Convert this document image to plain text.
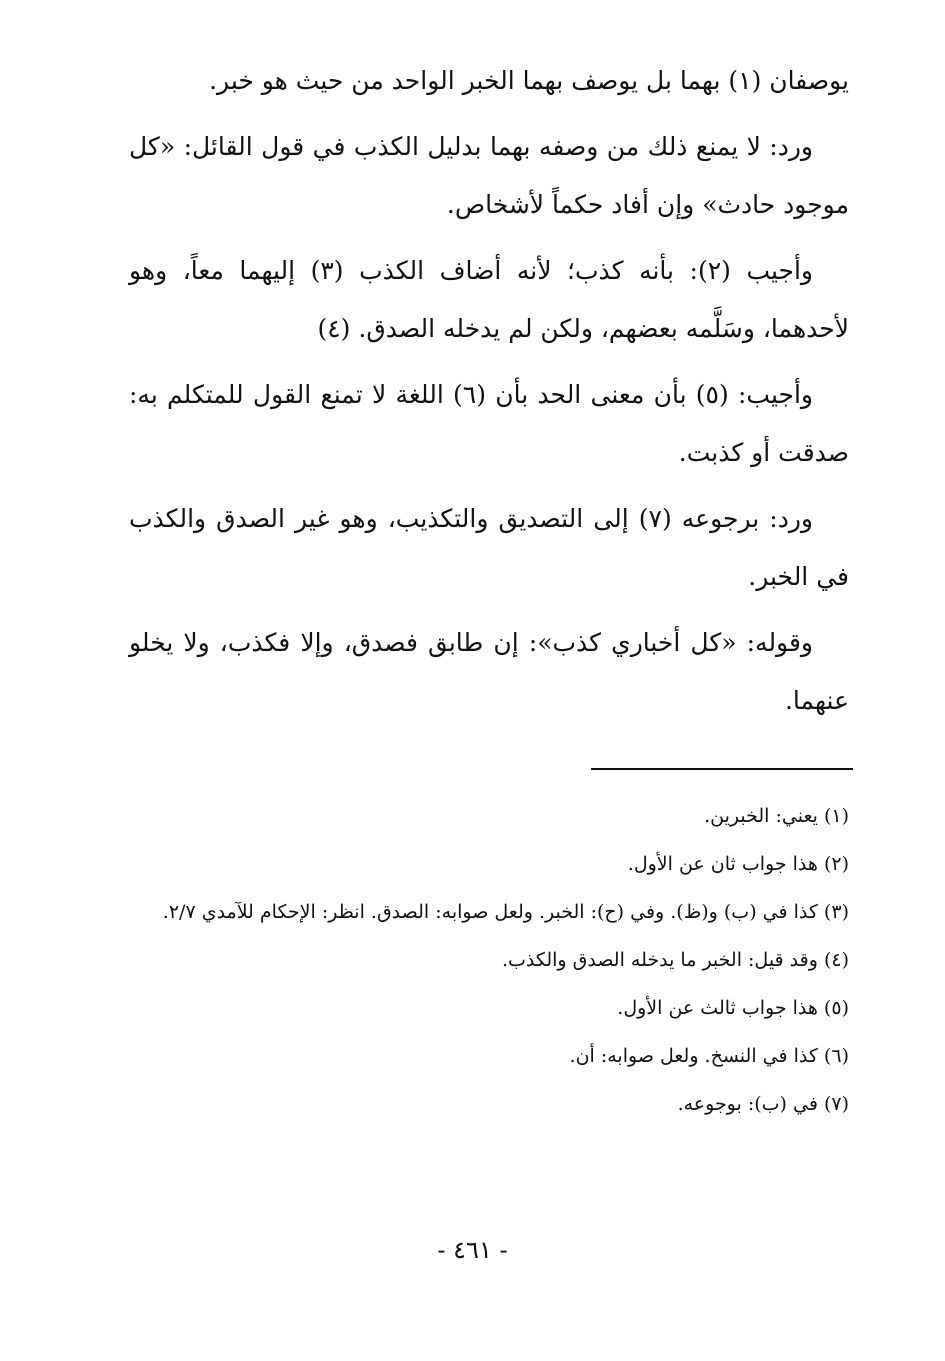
يوصفان (١) بهما بل يوصف بهما الخبر الواحد من حيث هو خبر.

ورد: لا يمنع ذلك من وصفه بهما بدليل الكذب في قول القائل: «كل موجود حادث» وإن أفاد حكماً لأشخاص.

وأجيب (٢): بأنه كذب؛ لأنه أضاف الكذب (٣) إليهما معاً، وهو لأحدهما، وسَلَّمه بعضهم، ولكن لم يدخله الصدق. (٤)

وأجيب: (٥) بأن معنى الحد بأن (٦) اللغة لا تمنع القول للمتكلم به: صدقت أو كذبت.

ورد: برجوعه (٧) إلى التصديق والتكذيب، وهو غير الصدق والكذب في الخبر.

وقوله: «كل أخباري كذب»: إن طابق فصدق، وإلا فكذب، ولا يخلو عنهما.

(١) يعني: الخبرين.

(٢) هذا جواب ثان عن الأول.

(٣) كذا في (ب) و(ظ). وفي (ح): الخبر. ولعل صوابه: الصدق. انظر: الإحكام للآمدي ٢/٧.

(٤) وقد قيل: الخبر ما يدخله الصدق والكذب.

(٥) هذا جواب ثالث عن الأول.

(٦) كذا في النسخ. ولعل صوابه: أن.

(٧) في (ب): بوجوعه.

- ٤٦١ -
